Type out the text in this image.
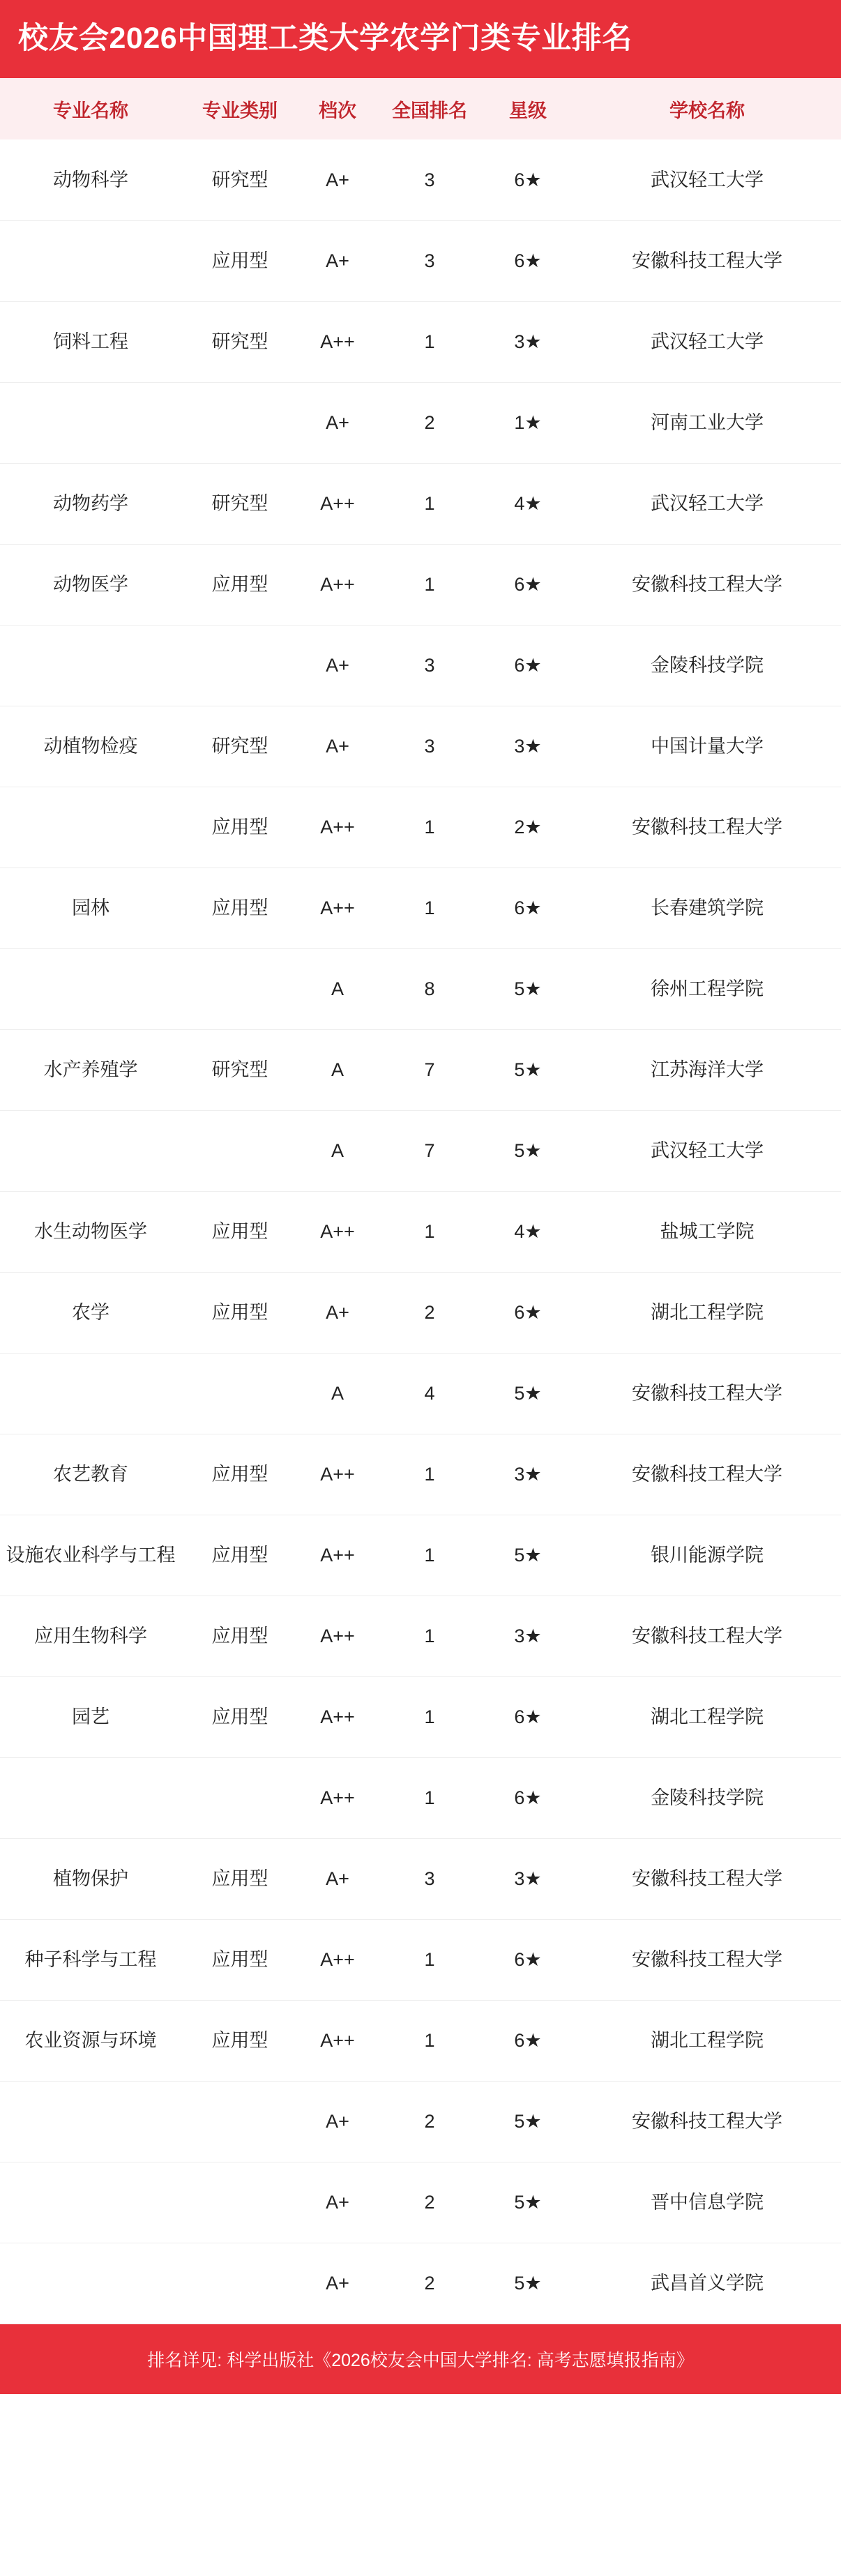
校友会2026中国理工类大学农学门类专业排名
专业名称	专业类别	档次	全国排名	星级	学校名称
动物科学	研究型	A+	3	6★	武汉轻工大学
	应用型	A+	3	6★	安徽科技工程大学
饲料工程	研究型	A++	1	3★	武汉轻工大学
		A+	2	1★	河南工业大学
动物药学	研究型	A++	1	4★	武汉轻工大学
动物医学	应用型	A++	1	6★	安徽科技工程大学
		A+	3	6★	金陵科技学院
动植物检疫	研究型	A+	3	3★	中国计量大学
	应用型	A++	1	2★	安徽科技工程大学
园林	应用型	A++	1	6★	长春建筑学院
		A	8	5★	徐州工程学院
水产养殖学	研究型	A	7	5★	江苏海洋大学
		A	7	5★	武汉轻工大学
水生动物医学	应用型	A++	1	4★	盐城工学院
农学	应用型	A+	2	6★	湖北工程学院
		A	4	5★	安徽科技工程大学
农艺教育	应用型	A++	1	3★	安徽科技工程大学
设施农业科学与工程	应用型	A++	1	5★	银川能源学院
应用生物科学	应用型	A++	1	3★	安徽科技工程大学
园艺	应用型	A++	1	6★	湖北工程学院
		A++	1	6★	金陵科技学院
植物保护	应用型	A+	3	3★	安徽科技工程大学
种子科学与工程	应用型	A++	1	6★	安徽科技工程大学
农业资源与环境	应用型	A++	1	6★	湖北工程学院
		A+	2	5★	安徽科技工程大学
		A+	2	5★	晋中信息学院
		A+	2	5★	武昌首义学院
排名详见: 科学出版社《2026校友会中国大学排名: 高考志愿填报指南》
